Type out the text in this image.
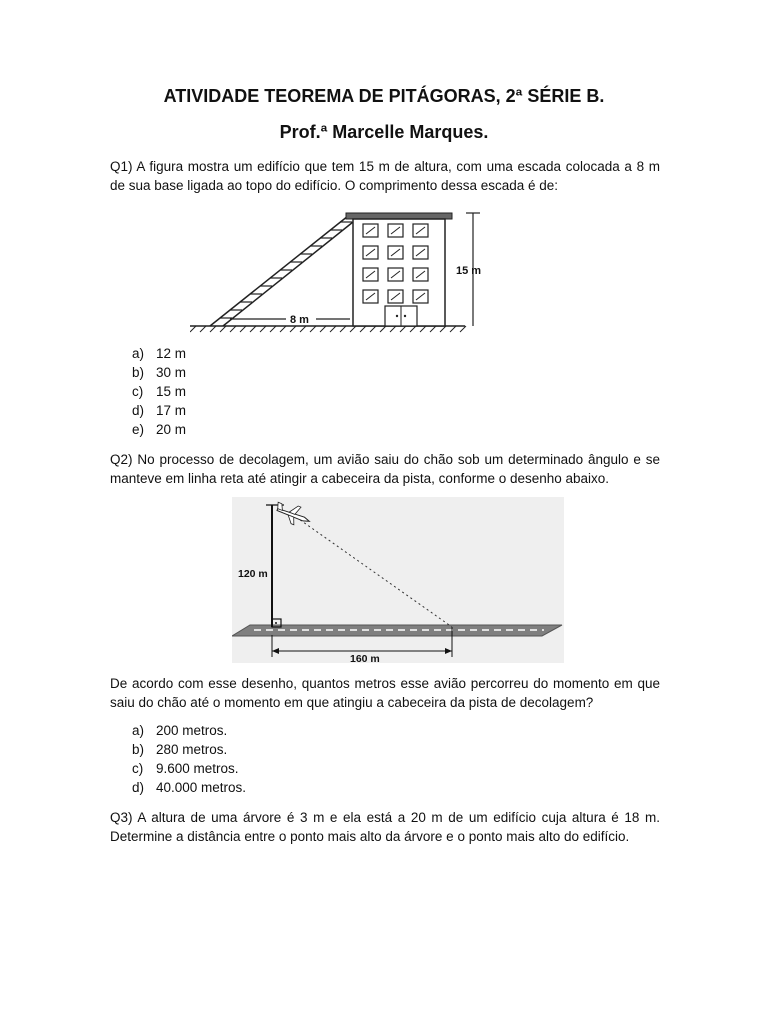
ATIVIDADE TEOREMA DE PITÁGORAS, 2ª SÉRIE B.
Prof.ª Marcelle Marques.

Q1) A figura mostra um edifício que tem 15 m de altura, com uma escada colocada a 8 m de sua base ligada ao topo do edifício. O comprimento dessa escada é de:

15 m
8 m
a) 12 m
b) 30 m
c) 15 m
d) 17 m
e) 20 m

Q2) No processo de decolagem, um avião saiu do chão sob um determinado ângulo e se manteve em linha reta até atingir a cabeceira da pista, conforme o desenho abaixo.

120 m
160 m

De acordo com esse desenho, quantos metros esse avião percorreu do momento em que saiu do chão até o momento em que atingiu a cabeceira da pista de decolagem?

a) 200 metros.
b) 280 metros.
c) 9.600 metros.
d) 40.000 metros.

Q3) A altura de uma árvore é 3 m e ela está a 20 m de um edifício cuja altura é 18 m. Determine a distância entre o ponto mais alto da árvore e o ponto mais alto do edifício.
